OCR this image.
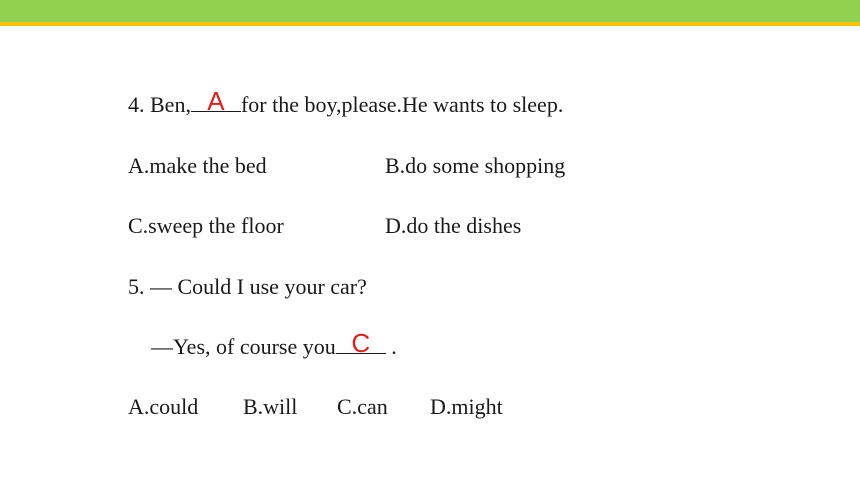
4. Ben, A for the boy,please.He wants to sleep.
A.make the bed	B.do some shopping
C.sweep the floor	D.do the dishes
5. — Could I use your car?
—Yes, of course you C .
A.could B.will C.can D.might
